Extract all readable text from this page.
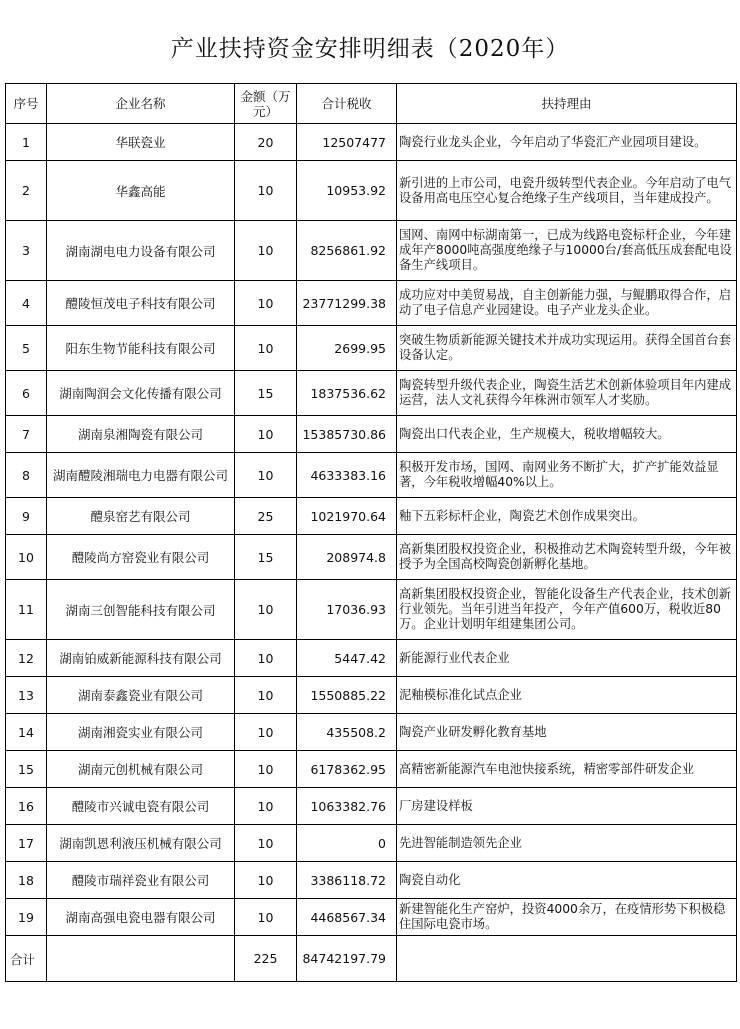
产业扶持资金安排明细表（2020年）
序号	企业名称	金额（万元）	合计税收	扶持理由
1	华联瓷业	20	12507477	陶瓷行业龙头企业，今年启动了华瓷汇产业园项目建设。
2	华鑫高能	10	10953.92	新引进的上市公司，电瓷升级转型代表企业。今年启动了电气设备用高电压空心复合绝缘子生产线项目，当年建成投产。
3	湖南湖电电力设备有限公司	10	8256861.92	国网、南网中标湖南第一，已成为线路电瓷标杆企业，今年建成年产8000吨高强度绝缘子与10000台/套高低压成套配电设备生产线项目。
4	醴陵恒茂电子科技有限公司	10	23771299.38	成功应对中美贸易战，自主创新能力强，与鲲鹏取得合作，启动了电子信息产业园建设。电子产业龙头企业。
5	阳东生物节能科技有限公司	10	2699.95	突破生物质新能源关键技术并成功实现运用。获得全国首台套设备认定。
6	湖南陶润会文化传播有限公司	15	1837536.62	陶瓷转型升级代表企业，陶瓷生活艺术创新体验项目年内建成运营，法人文礼获得今年株洲市领军人才奖励。
7	湖南泉湘陶瓷有限公司	10	15385730.86	陶瓷出口代表企业，生产规模大，税收增幅较大。
8	湖南醴陵湘瑞电力电器有限公司	10	4633383.16	积极开发市场，国网、南网业务不断扩大，扩产扩能效益显著，今年税收增幅40%以上。
9	醴泉窑艺有限公司	25	1021970.64	釉下五彩标杆企业，陶瓷艺术创作成果突出。
10	醴陵尚方窑瓷业有限公司	15	208974.8	高新集团股权投资企业，积极推动艺术陶瓷转型升级，今年被授予为全国高校陶瓷创新孵化基地。
11	湖南三创智能科技有限公司	10	17036.93	高新集团股权投资企业，智能化设备生产代表企业，技术创新行业领先。当年引进当年投产，今年产值600万，税收近80万。企业计划明年组建集团公司。
12	湖南铂威新能源科技有限公司	10	5447.42	新能源行业代表企业
13	湖南泰鑫瓷业有限公司	10	1550885.22	泥釉模标准化试点企业
14	湖南湘瓷实业有限公司	10	435508.2	陶瓷产业研发孵化教育基地
15	湖南元创机械有限公司	10	6178362.95	高精密新能源汽车电池快接系统，精密零部件研发企业
16	醴陵市兴诚电瓷有限公司	10	1063382.76	厂房建设样板
17	湖南凯恩利液压机械有限公司	10	0	先进智能制造领先企业
18	醴陵市瑞祥瓷业有限公司	10	3386118.72	陶瓷自动化
19	湖南高强电瓷电器有限公司	10	4468567.34	新建智能化生产窑炉，投资4000余万，在疫情形势下积极稳住国际电瓷市场。
合计		225	84742197.79	
